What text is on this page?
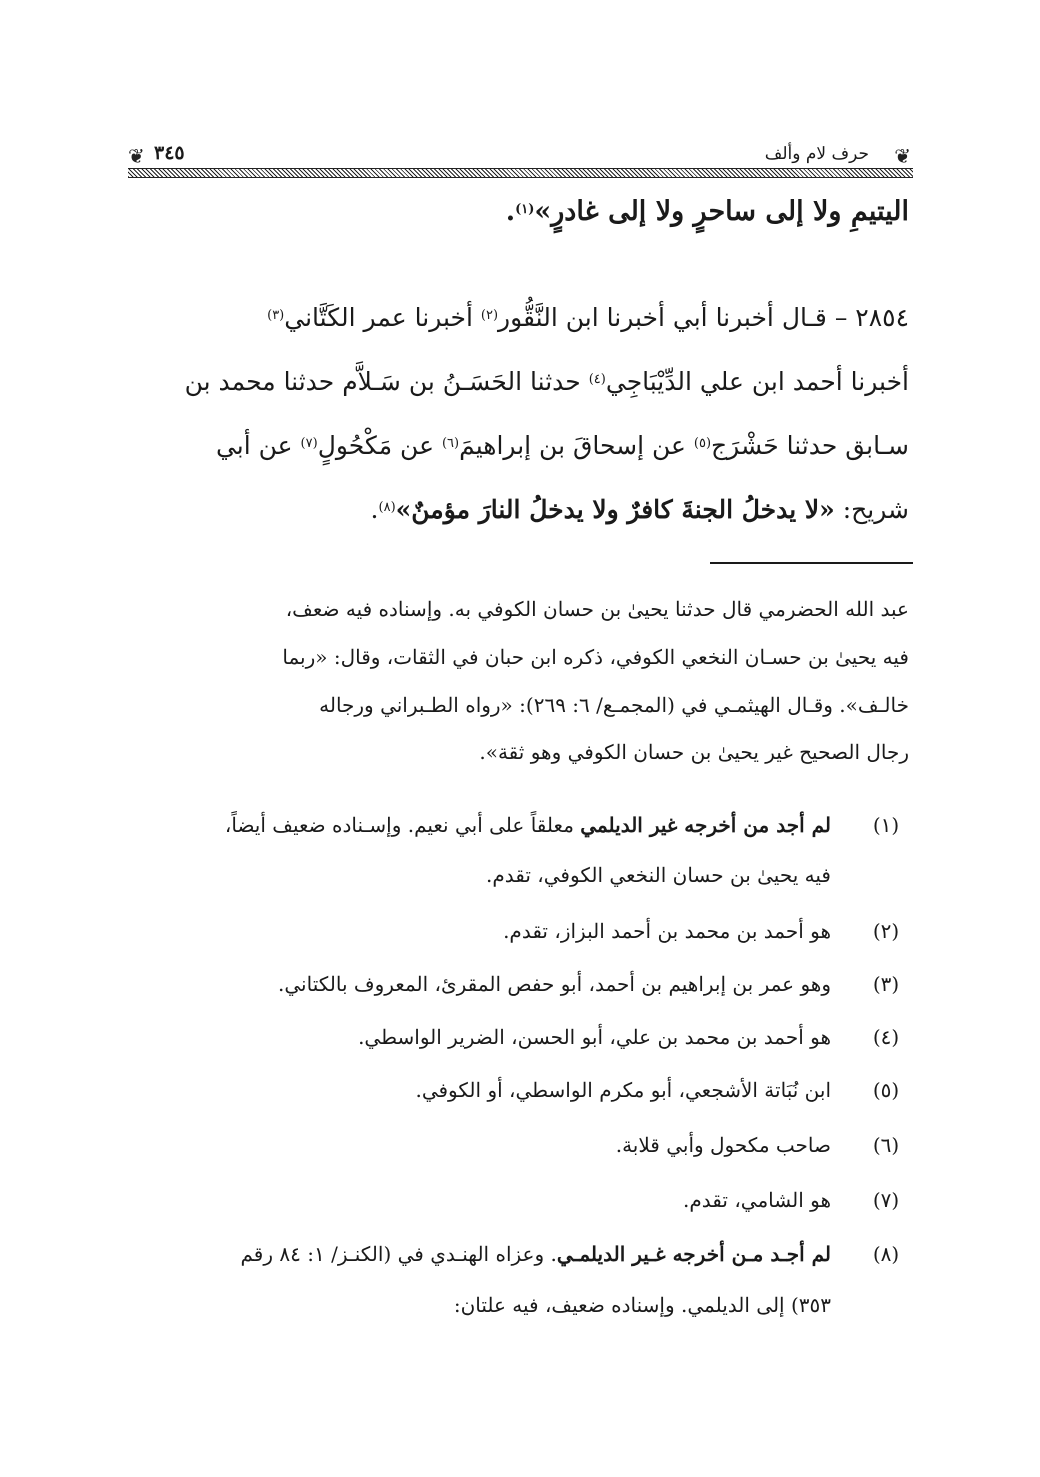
❦
حرف لام وألف
٣٤٥
❦
اليتيمِ ولا إلى ساحرٍ ولا إلى غادرٍ»$^{(١)}$.
٢٨٥٤ – قـال أخبرنا أبي أخبرنا ابن النَّقُّور$^{(٢)}$ أخبرنا عمر الكَتَّاني$^{(٣)}$
أخبرنا أحمد ابن علي الدِّيْبَاجِي$^{(٤)}$ حدثنا الحَسَـنُ بن سَـلاَّم حدثنا محمد بن
سـابق حدثنا حَشْرَج$^{(٥)}$ عن إسحاقَ بن إبراهيمَ$^{(٦)}$ عن مَكْحُولٍ$^{(٧)}$ عن أبي
شريح: «لا يدخلُ الجنةَ كافرٌ ولا يدخلُ النارَ مؤمنٌ»$^{(٨)}$.
عبد الله الحضرمي قال حدثنا يحيىٰ بن حسان الكوفي به. وإسناده فيه ضعف،
فيه يحيىٰ بن حسـان النخعي الكوفي، ذكره ابن حبان في الثقات، وقال: «ربما
خالـف». وقـال الهيثمـي في (المجمـع/ ٦: ٢٦٩): «رواه الطـبراني ورجاله
رجال الصحيح غير يحيىٰ بن حسان الكوفي وهو ثقة».
(١)
لم أجد من أخرجه غير الديلمي معلقاً على أبي نعيم. وإسـناده ضعيف أيضاً،
فيه يحيىٰ بن حسان النخعي الكوفي، تقدم.
(٢)
هو أحمد بن محمد بن أحمد البزاز، تقدم.
(٣)
وهو عمر بن إبراهيم بن أحمد، أبو حفص المقرئ، المعروف بالكتاني.
(٤)
هو أحمد بن محمد بن علي، أبو الحسن، الضرير الواسطي.
(٥)
ابن نُبَاتة الأشجعي، أبو مكرم الواسطي، أو الكوفي.
(٦)
صاحب مكحول وأبي قلابة.
(٧)
هو الشامي، تقدم.
(٨)
لم أجـد مـن أخرجه غـير الديلمـي. وعزاه الهنـدي في (الكنـز/ ١: ٨٤ رقم
٣٥٣) إلى الديلمي. وإسناده ضعيف، فيه علتان:
